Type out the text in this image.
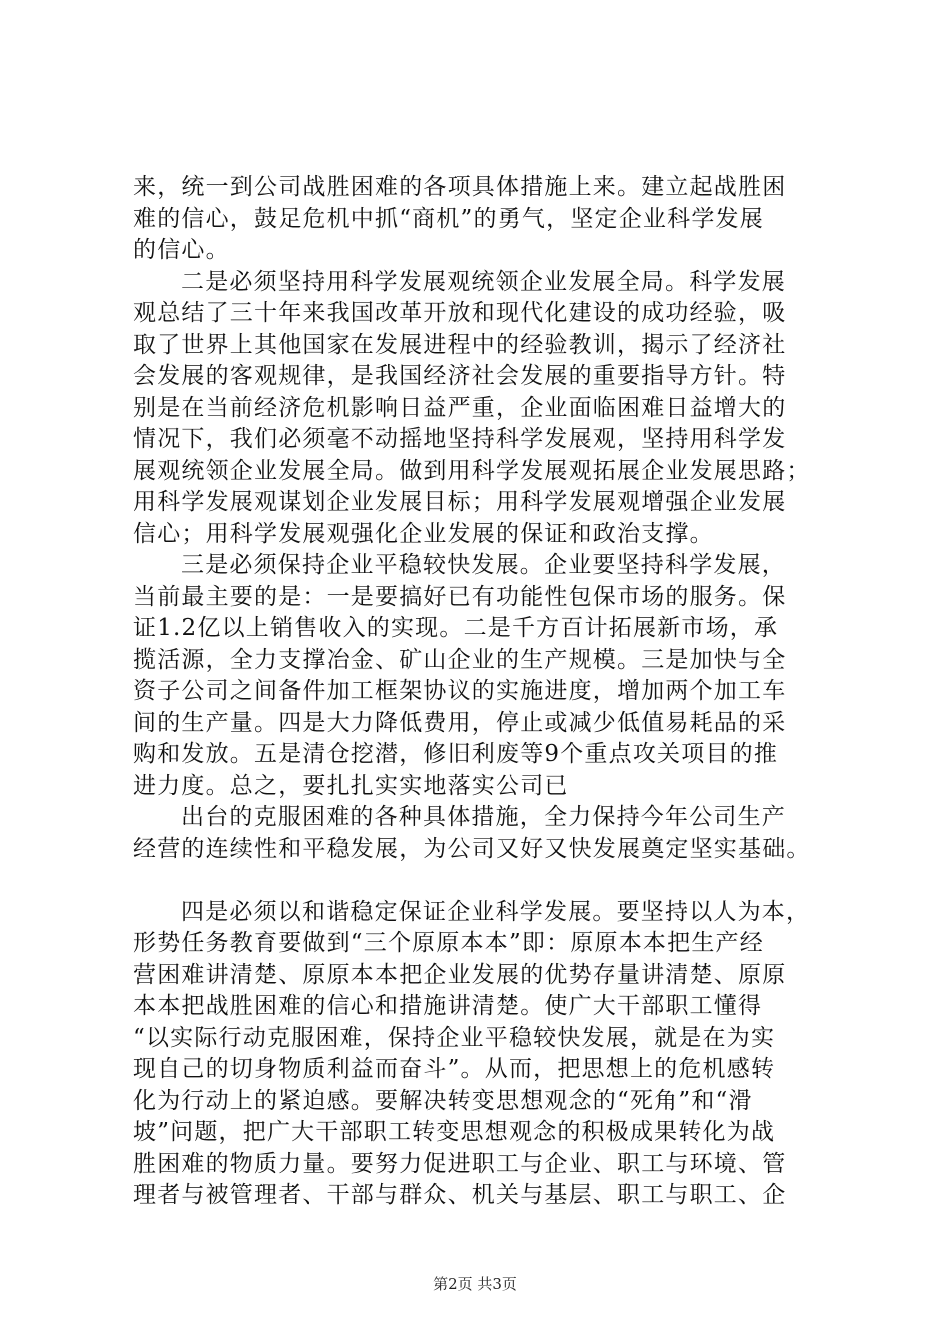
来，统一到公司战胜困难的各项具体措施上来。建立起战胜困
难的信心，鼓足危机中抓“商机”的勇气，坚定企业科学发展
的信心。
二是必须坚持用科学发展观统领企业发展全局。科学发展
观总结了三十年来我国改革开放和现代化建设的成功经验，吸
取了世界上其他国家在发展进程中的经验教训，揭示了经济社
会发展的客观规律，是我国经济社会发展的重要指导方针。特
别是在当前经济危机影响日益严重，企业面临困难日益增大的
情况下，我们必须毫不动摇地坚持科学发展观，坚持用科学发
展观统领企业发展全局。做到用科学发展观拓展企业发展思路；
用科学发展观谋划企业发展目标；用科学发展观增强企业发展
信心；用科学发展观强化企业发展的保证和政治支撑。
三是必须保持企业平稳较快发展。企业要坚持科学发展，
当前最主要的是：一是要搞好已有功能性包保市场的服务。保
证1.2亿以上销售收入的实现。二是千方百计拓展新市场，承
揽活源，全力支撑冶金、矿山企业的生产规模。三是加快与全
资子公司之间备件加工框架协议的实施进度，增加两个加工车
间的生产量。四是大力降低费用，停止或减少低值易耗品的采
购和发放。五是清仓挖潜，修旧利废等9个重点攻关项目的推
进力度。总之，要扎扎实实地落实公司已
出台的克服困难的各种具体措施，全力保持今年公司生产
经营的连续性和平稳发展，为公司又好又快发展奠定坚实基础。
四是必须以和谐稳定保证企业科学发展。要坚持以人为本，
形势任务教育要做到“三个原原本本”即：原原本本把生产经
营困难讲清楚、原原本本把企业发展的优势存量讲清楚、原原
本本把战胜困难的信心和措施讲清楚。使广大干部职工懂得
“以实际行动克服困难，保持企业平稳较快发展，就是在为实
现自己的切身物质利益而奋斗”。从而，把思想上的危机感转
化为行动上的紧迫感。要解决转变思想观念的“死角”和“滑
坡”问题，把广大干部职工转变思想观念的积极成果转化为战
胜困难的物质力量。要努力促进职工与企业、职工与环境、管
理者与被管理者、干部与群众、机关与基层、职工与职工、企
第2页 共3页
